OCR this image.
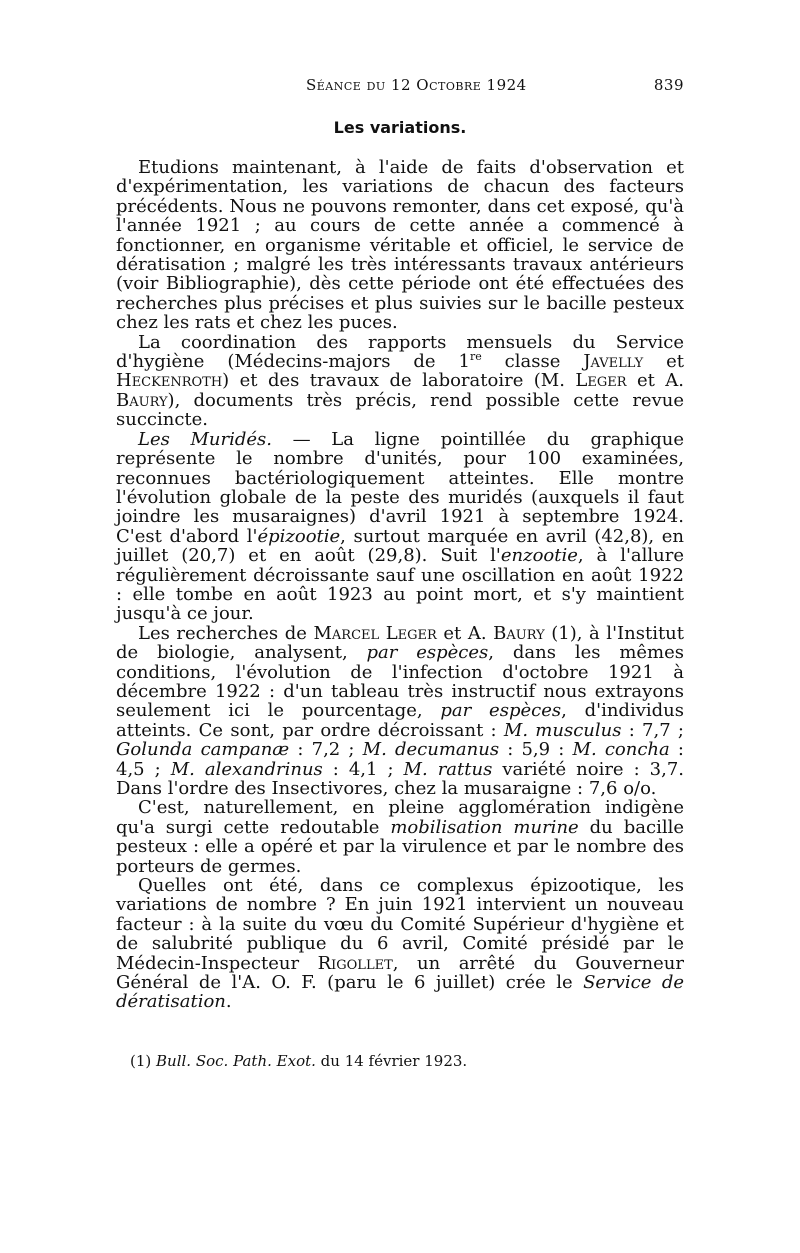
Séance du 12 Octobre 1924	839
Les variations.

Etudions maintenant, à l'aide de faits d'observation et d'expérimentation, les variations de chacun des facteurs précédents. Nous ne pouvons remonter, dans cet exposé, qu'à l'année 1921 ; au cours de cette année a commencé à fonctionner, en organisme véritable et officiel, le service de dératisation ; malgré les très intéressants travaux antérieurs (voir Bibliographie), dès cette période ont été effectuées des recherches plus précises et plus suivies sur le bacille pesteux chez les rats et chez les puces.

La coordination des rapports mensuels du Service d'hygiène (Médecins-majors de 1re classe Javelly et Heckenroth) et des travaux de laboratoire (M. Leger et A. Baury), documents très précis, rend possible cette revue succincte.

Les Muridés. — La ligne pointillée du graphique représente le nombre d'unités, pour 100 examinées, reconnues bactériologiquement atteintes. Elle montre l'évolution globale de la peste des muridés (auxquels il faut joindre les musaraignes) d'avril 1921 à septembre 1924. C'est d'abord l'épizootie, surtout marquée en avril (42,8), en juillet (20,7) et en août (29,8). Suit l'enzootie, à l'allure régulièrement décroissante sauf une oscillation en août 1922 : elle tombe en août 1923 au point mort, et s'y maintient jusqu'à ce jour.

Les recherches de Marcel Leger et A. Baury (1), à l'Institut de biologie, analysent, par espèces, dans les mêmes conditions, l'évolution de l'infection d'octobre 1921 à décembre 1922 : d'un tableau très instructif nous extrayons seulement ici le pourcentage, par espèces, d'individus atteints. Ce sont, par ordre décroissant : M. musculus : 7,7 ; Golunda campanæ : 7,2 ; M. decumanus : 5,9 : M. concha : 4,5 ; M. alexandrinus : 4,1 ; M. rattus variété noire : 3,7. Dans l'ordre des Insectivores, chez la musaraigne : 7,6 o/o.

C'est, naturellement, en pleine agglomération indigène qu'a surgi cette redoutable mobilisation murine du bacille pesteux : elle a opéré et par la virulence et par le nombre des porteurs de germes.

Quelles ont été, dans ce complexus épizootique, les variations de nombre ? En juin 1921 intervient un nouveau facteur : à la suite du vœu du Comité Supérieur d'hygiène et de salubrité publique du 6 avril, Comité présidé par le Médecin-Inspecteur Rigollet, un arrêté du Gouverneur Général de l'A. O. F. (paru le 6 juillet) crée le Service de dératisation.

(1) Bull. Soc. Path. Exot. du 14 février 1923.
